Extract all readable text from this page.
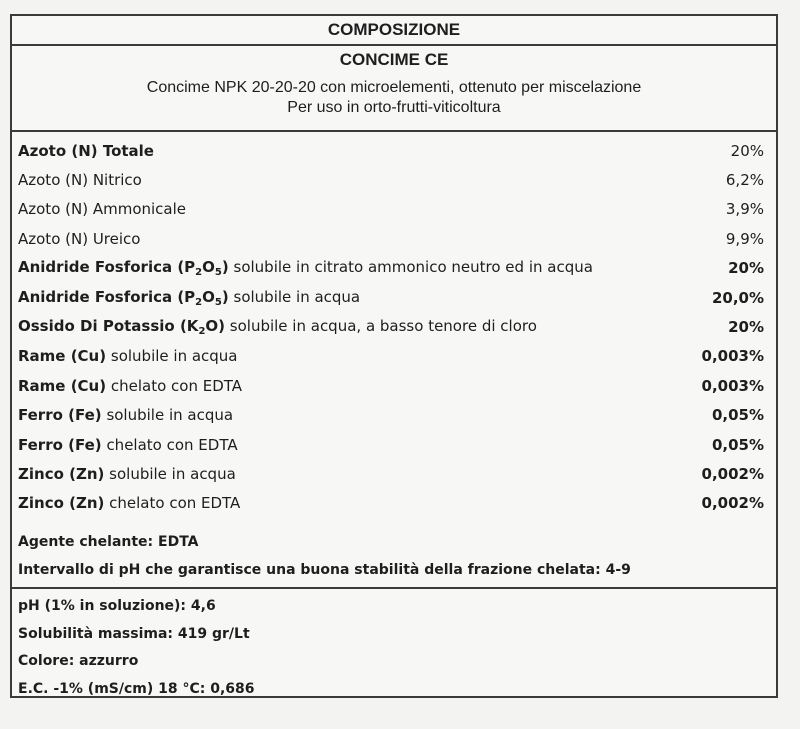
COMPOSIZIONE
CONCIME CE
Concime NPK 20-20-20 con microelementi, ottenuto per miscelazione
Per uso in orto-frutti-viticoltura
Azoto (N) Totale	20%
Azoto (N) Nitrico	6,2%
Azoto (N) Ammonicale	3,9%
Azoto (N) Ureico	9,9%
Anidride Fosforica $(P_2O_5)$ solubile in citrato ammonico neutro ed in acqua	20%
Anidride Fosforica $(P_2O_5)$ solubile in acqua	20,0%
Ossido Di Potassio $(K_2O)$ solubile in acqua, a basso tenore di cloro	20%
Rame (Cu) solubile in acqua	0,003%
Rame (Cu) chelato con EDTA	0,003%
Ferro (Fe) solubile in acqua	0,05%
Ferro (Fe) chelato con EDTA	0,05%
Zinco (Zn) solubile in acqua	0,002%
Zinco (Zn) chelato con EDTA	0,002%
Agente chelante: EDTA
Intervallo di pH che garantisce una buona stabilità della frazione chelata: 4-9
pH (1% in soluzione): 4,6
Solubilità massima: 419 gr/Lt
Colore: azzurro
E.C. -1% (mS/cm) 18 °C: 0,686
